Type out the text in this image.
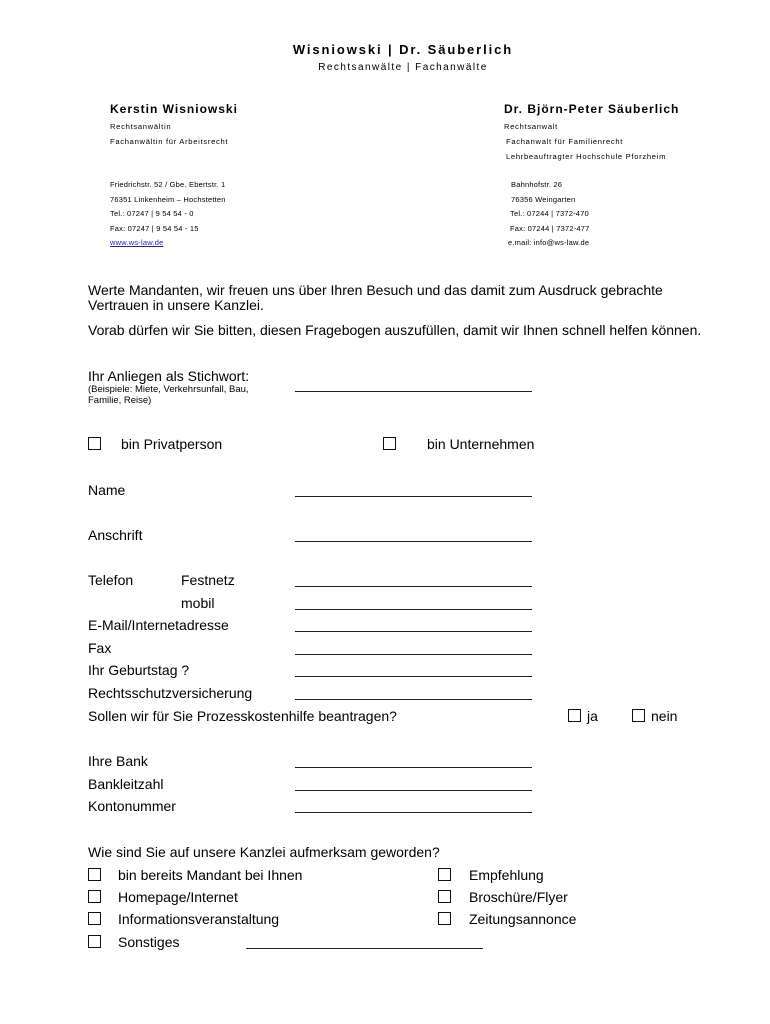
Wisniowski | Dr. Säuberlich
Rechtsanwälte | Fachanwälte
Kerstin Wisniowski
Rechtsanwältin
Fachanwältin für Arbeitsrecht
Friedrichstr. 52 / Gbe. Ebertstr. 1
76351 Linkenheim – Hochstetten
Tel.: 07247 | 9 54 54 - 0
Fax: 07247 | 9 54 54 - 15
www.ws-law.de
Dr. Björn-Peter Säuberlich
Rechtsanwalt
Fachanwalt für Familienrecht
Lehrbeauftragter Hochschule Pforzheim
Bahnhofstr. 26
76356 Weingarten
Tel.: 07244 | 7372-470
Fax: 07244 | 7372-477
e.mail: info@ws-law.de
Werte Mandanten, wir freuen uns über Ihren Besuch und das damit zum Ausdruck gebrachte
Vertrauen in unsere Kanzlei.
Vorab dürfen wir Sie bitten, diesen Fragebogen auszufüllen, damit wir Ihnen schnell helfen können.
Ihr Anliegen als Stichwort:
(Beispiele: Miete, Verkehrsunfall, Bau,
Familie, Reise)
bin Privatperson	bin Unternehmen
Name
Anschrift
Telefon	Festnetz
mobil
E-Mail/Internetadresse
Fax
Ihr Geburtstag ?
Rechtsschutzversicherung
Sollen wir für Sie Prozesskostenhilfe beantragen?	ja	nein
Ihre Bank
Bankleitzahl
Kontonummer
Wie sind Sie auf unsere Kanzlei aufmerksam geworden?
bin bereits Mandant bei Ihnen	Empfehlung
Homepage/Internet	Broschüre/Flyer
Informationsveranstaltung	Zeitungsannonce
Sonstiges
